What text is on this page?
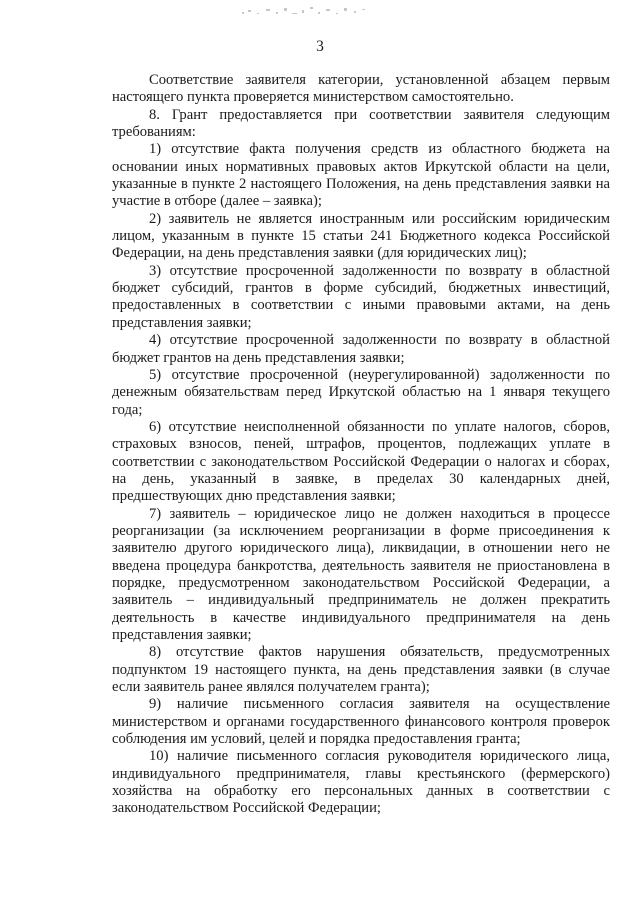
3

Соответствие заявителя категории, установленной абзацем первым настоящего пункта проверяется министерством самостоятельно.

8. Грант предоставляется при соответствии заявителя следующим требованиям:

1) отсутствие факта получения средств из областного бюджета на основании иных нормативных правовых актов Иркутской области на цели, указанные в пункте 2 настоящего Положения, на день представления заявки на участие в отборе (далее – заявка);

2) заявитель не является иностранным или российским юридическим лицом, указанным в пункте 15 статьи 241 Бюджетного кодекса Российской Федерации, на день представления заявки (для юридических лиц);

3) отсутствие просроченной задолженности по возврату в областной бюджет субсидий, грантов в форме субсидий, бюджетных инвестиций, предоставленных в соответствии с иными правовыми актами, на день представления заявки;

4) отсутствие просроченной задолженности по возврату в областной бюджет грантов на день представления заявки;

5) отсутствие просроченной (неурегулированной) задолженности по денежным обязательствам перед Иркутской областью на 1 января текущего года;

6) отсутствие неисполненной обязанности по уплате налогов, сборов, страховых взносов, пеней, штрафов, процентов, подлежащих уплате в соответствии с законодательством Российской Федерации о налогах и сборах, на день, указанный в заявке, в пределах 30 календарных дней, предшествующих дню представления заявки;

7) заявитель – юридическое лицо не должен находиться в процессе реорганизации (за исключением реорганизации в форме присоединения к заявителю другого юридического лица), ликвидации, в отношении него не введена процедура банкротства, деятельность заявителя не приостановлена в порядке, предусмотренном законодательством Российской Федерации, а заявитель – индивидуальный предприниматель не должен прекратить деятельность в качестве индивидуального предпринимателя на день представления заявки;

8) отсутствие фактов нарушения обязательств, предусмотренных подпунктом 19 настоящего пункта, на день представления заявки (в случае если заявитель ранее являлся получателем гранта);

9) наличие письменного согласия заявителя на осуществление министерством и органами государственного финансового контроля проверок соблюдения им условий, целей и порядка предоставления гранта;

10) наличие письменного согласия руководителя юридического лица, индивидуального предпринимателя, главы крестьянского (фермерского) хозяйства на обработку его персональных данных в соответствии с законодательством Российской Федерации;
